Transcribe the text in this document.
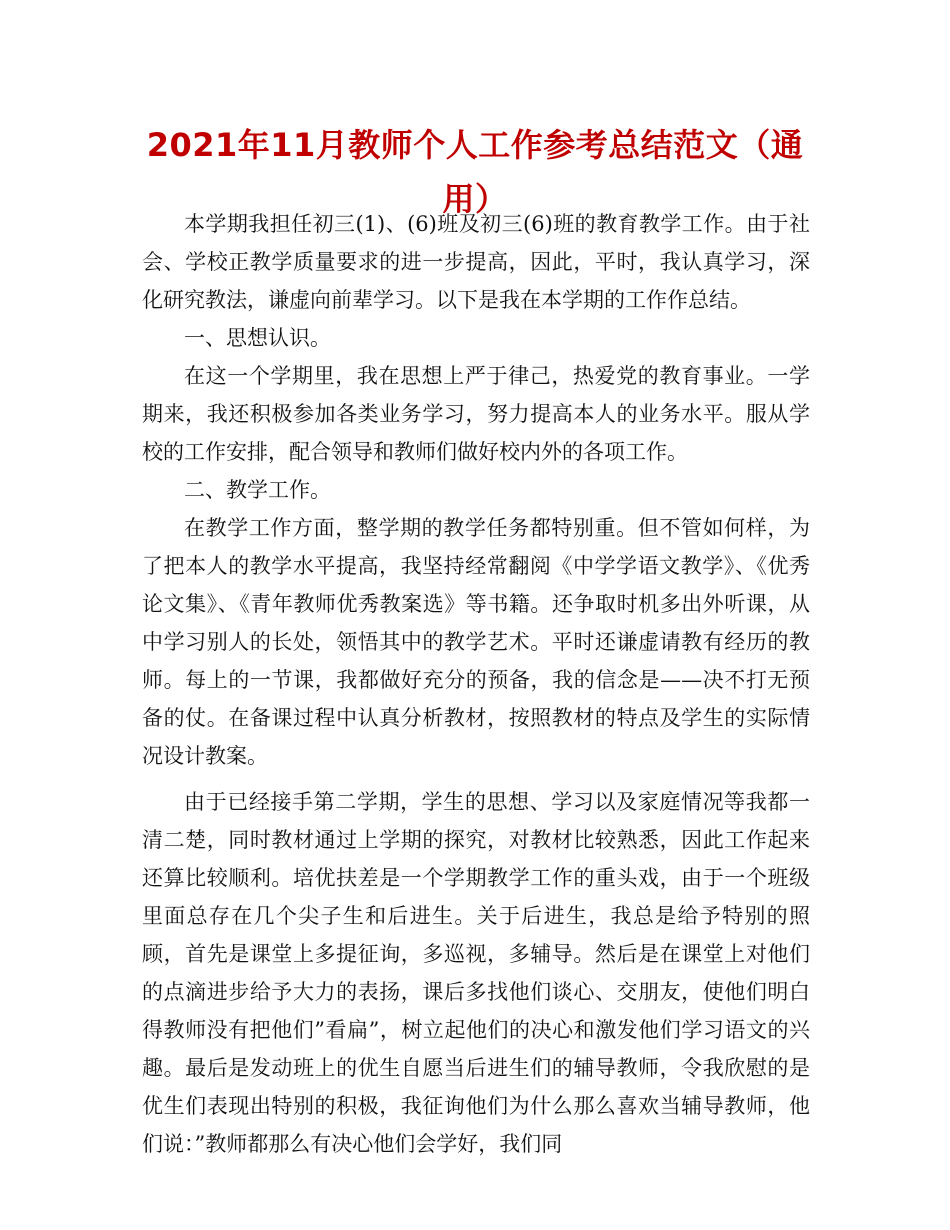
2021年11月教师个人工作参考总结范文（通用）

本学期我担任初三(1)、(6)班及初三(6)班的教育教学工作。由于社会、学校正教学质量要求的进一步提高，因此，平时，我认真学习，深化研究教法，谦虚向前辈学习。以下是我在本学期的工作作总结。

一、思想认识。

在这一个学期里，我在思想上严于律己，热爱党的教育事业。一学期来，我还积极参加各类业务学习，努力提高本人的业务水平。服从学校的工作安排，配合领导和教师们做好校内外的各项工作。

二、教学工作。

在教学工作方面，整学期的教学任务都特别重。但不管如何样，为了把本人的教学水平提高，我坚持经常翻阅《中学学语文教学》、《优秀论文集》、《青年教师优秀教案选》等书籍。还争取时机多出外听课，从中学习别人的长处，领悟其中的教学艺术。平时还谦虚请教有经历的教师。每上的一节课，我都做好充分的预备，我的信念是——决不打无预备的仗。在备课过程中认真分析教材，按照教材的特点及学生的实际情况设计教案。

由于已经接手第二学期，学生的思想、学习以及家庭情况等我都一清二楚，同时教材通过上学期的探究，对教材比较熟悉，因此工作起来还算比较顺利。培优扶差是一个学期教学工作的重头戏，由于一个班级里面总存在几个尖子生和后进生。关于后进生，我总是给予特别的照顾，首先是课堂上多提征询，多巡视，多辅导。然后是在课堂上对他们的点滴进步给予大力的表扬，课后多找他们谈心、交朋友，使他们明白得教师没有把他们”看扁”，树立起他们的决心和激发他们学习语文的兴趣。最后是发动班上的优生自愿当后进生们的辅导教师，令我欣慰的是优生们表现出特别的积极，我征询他们为什么那么喜欢当辅导教师，他们说：”教师都那么有决心他们会学好，我们同
